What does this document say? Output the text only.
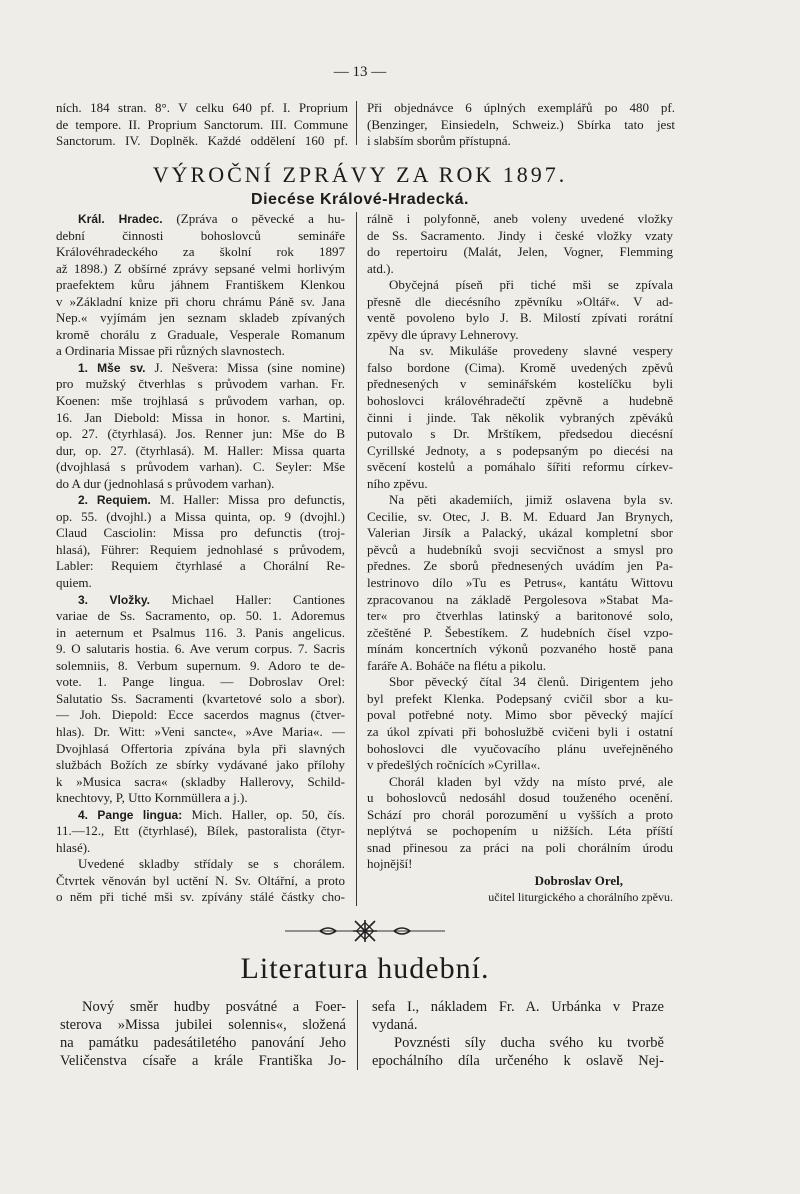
— 13 —
ních. 184 stran. 8°. V celku 640 pf. I. Proprium
de tempore. II. Proprium Sanctorum. III. Commune
Sanctorum. IV. Doplněk. Každé oddělení 160 pf.
Při objednávce 6 úplných exemplářů po 480 pf.
(Benzinger, Einsiedeln, Schweiz.) Sbírka tato jest
i slabším sborům přístupná.
VÝROČNÍ ZPRÁVY ZA ROK 1897.
Diecése Králové-Hradecká.
Král. Hradec. (Zpráva o pěvecké a hu-
dební činnosti bohoslovců semináře
Královéhradeckého za školní rok 1897
až 1898.) Z obšírné zprávy sepsané velmi horlivým
praefektem kůru jáhnem Františkem Klenkou
v »Základní knize při choru chrámu Páně sv. Jana
Nep.« vyjímám jen seznam skladeb zpívaných
kromě chorálu z Graduale, Vesperale Romanum
a Ordinaria Missae při různých slavnostech.
1. Mše sv. J. Nešvera: Missa (sine nomine)
pro mužský čtverhlas s průvodem varhan. Fr.
Koenen: mše trojhlasá s průvodem varhan, op.
16. Jan Diebold: Missa in honor. s. Martini,
op. 27. (čtyrhlasá). Jos. Renner jun: Mše do B
dur, op. 27. (čtyrhlasá). M. Haller: Missa quarta
(dvojhlasá s průvodem varhan). C. Seyler: Mše
do A dur (jednohlasá s průvodem varhan).
2. Requiem. M. Haller: Missa pro defunctis,
op. 55. (dvojhl.) a Missa quinta, op. 9 (dvojhl.)
Claud Casciolin: Missa pro defunctis (troj-
hlasá), Führer: Requiem jednohlasé s průvodem,
Labler: Requiem čtyrhlasé a Chorální Re-
quiem.
3. Vložky. Michael Haller: Cantiones
variae de Ss. Sacramento, op. 50. 1. Adoremus
in aeternum et Psalmus 116. 3. Panis angelicus.
9. O salutaris hostia. 6. Ave verum corpus. 7. Sacris
solemniis, 8. Verbum supernum. 9. Adoro te de-
vote. 1. Pange lingua. — Dobroslav Orel:
Salutatio Ss. Sacramenti (kvartetové solo a sbor).
— Joh. Diepold: Ecce sacerdos magnus (čtver-
hlas). Dr. Witt: »Veni sancte«, »Ave Maria«. —
Dvojhlasá Offertoria zpívána byla při slavných
službách Božích ze sbírky vydávané jako přílohy
k »Musica sacra« (skladby Hallerovy, Schild-
knechtovy, P, Utto Kornmüllera a j.).
4. Pange lingua: Mich. Haller, op. 50, čís.
11.—12., Ett (čtyrhlasé), Bílek, pastoralista (čtyr-
hlasé).
Uvedené skladby střídaly se s chorálem.
Čtvrtek věnován byl uctění N. Sv. Oltářní, a proto
o něm při tiché mši sv. zpívány stálé částky cho-
rálně i polyfonně, aneb voleny uvedené vložky
de Ss. Sacramento. Jindy i české vložky vzaty
do repertoiru (Malát, Jelen, Vogner, Flemming
atd.).
Obyčejná píseň při tiché mši se zpívala
přesně dle diecésního zpěvníku »Oltář«. V ad-
ventě povoleno bylo J. B. Milostí zpívati rorátní
zpěvy dle úpravy Lehnerovy.
Na sv. Mikuláše provedeny slavné vespery
falso bordone (Cima). Kromě uvedených zpěvů
přednesených v seminářském kostelíčku byli
bohoslovci královéhradečtí zpěvně a hudebně
činni i jinde. Tak několik vybraných zpěváků
putovalo s Dr. Mrštíkem, předsedou diecésní
Cyrillské Jednoty, a s podepsaným po diecési na
svěcení kostelů a pomáhalo šířiti reformu církev-
ního zpěvu.
Na pěti akademiích, jimiž oslavena byla sv.
Cecilie, sv. Otec, J. B. M. Eduard Jan Brynych,
Valerian Jirsík a Palacký, ukázal kompletní sbor
pěvců a hudebníků svoji secvičnost a smysl pro
přednes. Ze sborů přednesených uvádím jen Pa-
lestrinovo dílo »Tu es Petrus«, kantátu Wittovu
zpracovanou na základě Pergolesova »Stabat Ma-
ter« pro čtverhlas latinský a baritonové solo,
zčeštěné P. Šebestíkem. Z hudebních čísel vzpo-
mínám koncertních výkonů pozvaného hostě pana
faráře A. Boháče na flétu a pikolu.
Sbor pěvecký čítal 34 členů. Dirigentem jeho
byl prefekt Klenka. Podepsaný cvičil sbor a ku-
poval potřebné noty. Mimo sbor pěvecký mající
za úkol zpívati při bohoslužbě cvičeni byli i ostatní
bohoslovci dle vyučovacího plánu uveřejněného
v předešlých ročnících »Cyrilla«.
Chorál kladen byl vždy na místo prvé, ale
u bohoslovců nedosáhl dosud touženého ocenění.
Schází pro chorál porozumění u vyšších a proto
neplýtvá se pochopením u nižších. Léta příští
snad přinesou za práci na poli chorálním úrodu
hojnější!
Dobroslav Orel,
učitel liturgického a chorálního zpěvu.
Literatura hudební.
Nový směr hudby posvátné a Foer-
sterova »Missa jubilei solennis«, složená
na památku padesátiletého panování Jeho
Veličenstva císaře a krále Františka Jo-
sefa I., nákladem Fr. A. Urbánka v Praze
vydaná.
Povznésti síly ducha svého ku tvorbě
epochálního díla určeného k oslavě Nej-
